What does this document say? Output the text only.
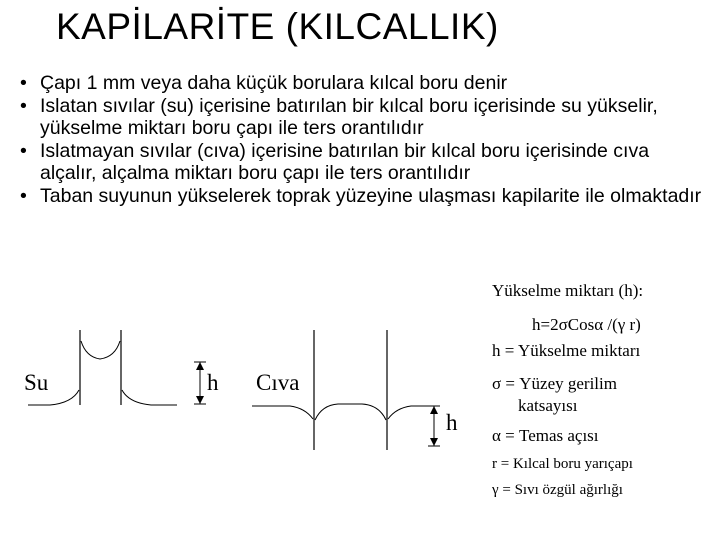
KAPİLARİTE (KILCALLIK)
• Çapı 1 mm veya daha küçük borulara kılcal boru denir
• Islatan sıvılar (su) içerisine batırılan bir kılcal boru içerisinde su yükselir, yükselme miktarı boru çapı ile ters orantılıdır
• Islatmayan sıvılar (cıva) içerisine batırılan bir kılcal boru içerisinde cıva alçalır, alçalma miktarı boru çapı ile ters orantılıdır
• Taban suyunun yükselerek toprak yüzeyine ulaşması kapilarite ile olmaktadır
Su	h Cıva
h
Yükselme miktarı (h):
h=2σCosα /(γ r)
h = Yükselme miktarı
σ = Yüzey gerilim
katsayısı
α = Temas açısı
r = Kılcal boru yarıçapı
γ = Sıvı özgül ağırlığı
